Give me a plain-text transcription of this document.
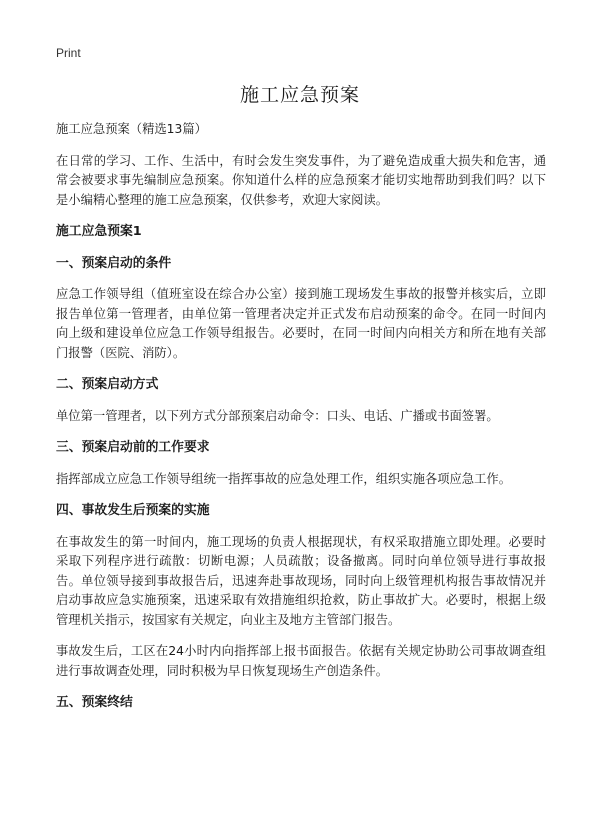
Print
施工应急预案

施工应急预案（精选13篇）

在日常的学习、工作、生活中，有时会发生突发事件，为了避免造成重大损失和危害，通常会被要求事先编制应急预案。你知道什么样的应急预案才能切实地帮助到我们吗？以下是小编精心整理的施工应急预案，仅供参考，欢迎大家阅读。

施工应急预案1

一、预案启动的条件

应急工作领导组（值班室设在综合办公室）接到施工现场发生事故的报警并核实后，立即报告单位第一管理者，由单位第一管理者决定并正式发布启动预案的命令。在同一时间内向上级和建设单位应急工作领导组报告。必要时，在同一时间内向相关方和所在地有关部门报警（医院、消防）。

二、预案启动方式

单位第一管理者，以下列方式分部预案启动命令：口头、电话、广播或书面签署。

三、预案启动前的工作要求

指挥部成立应急工作领导组统一指挥事故的应急处理工作，组织实施各项应急工作。

四、事故发生后预案的实施

在事故发生的第一时间内，施工现场的负责人根据现状，有权采取措施立即处理。必要时采取下列程序进行疏散：切断电源；人员疏散；设备撤离。同时向单位领导进行事故报告。单位领导接到事故报告后，迅速奔赴事故现场，同时向上级管理机构报告事故情况并启动事故应急实施预案，迅速采取有效措施组织抢救，防止事故扩大。必要时，根据上级管理机关指示，按国家有关规定，向业主及地方主管部门报告。

事故发生后，工区在24小时内向指挥部上报书面报告。依据有关规定协助公司事故调查组进行事故调查处理，同时积极为早日恢复现场生产创造条件。

五、预案终结
